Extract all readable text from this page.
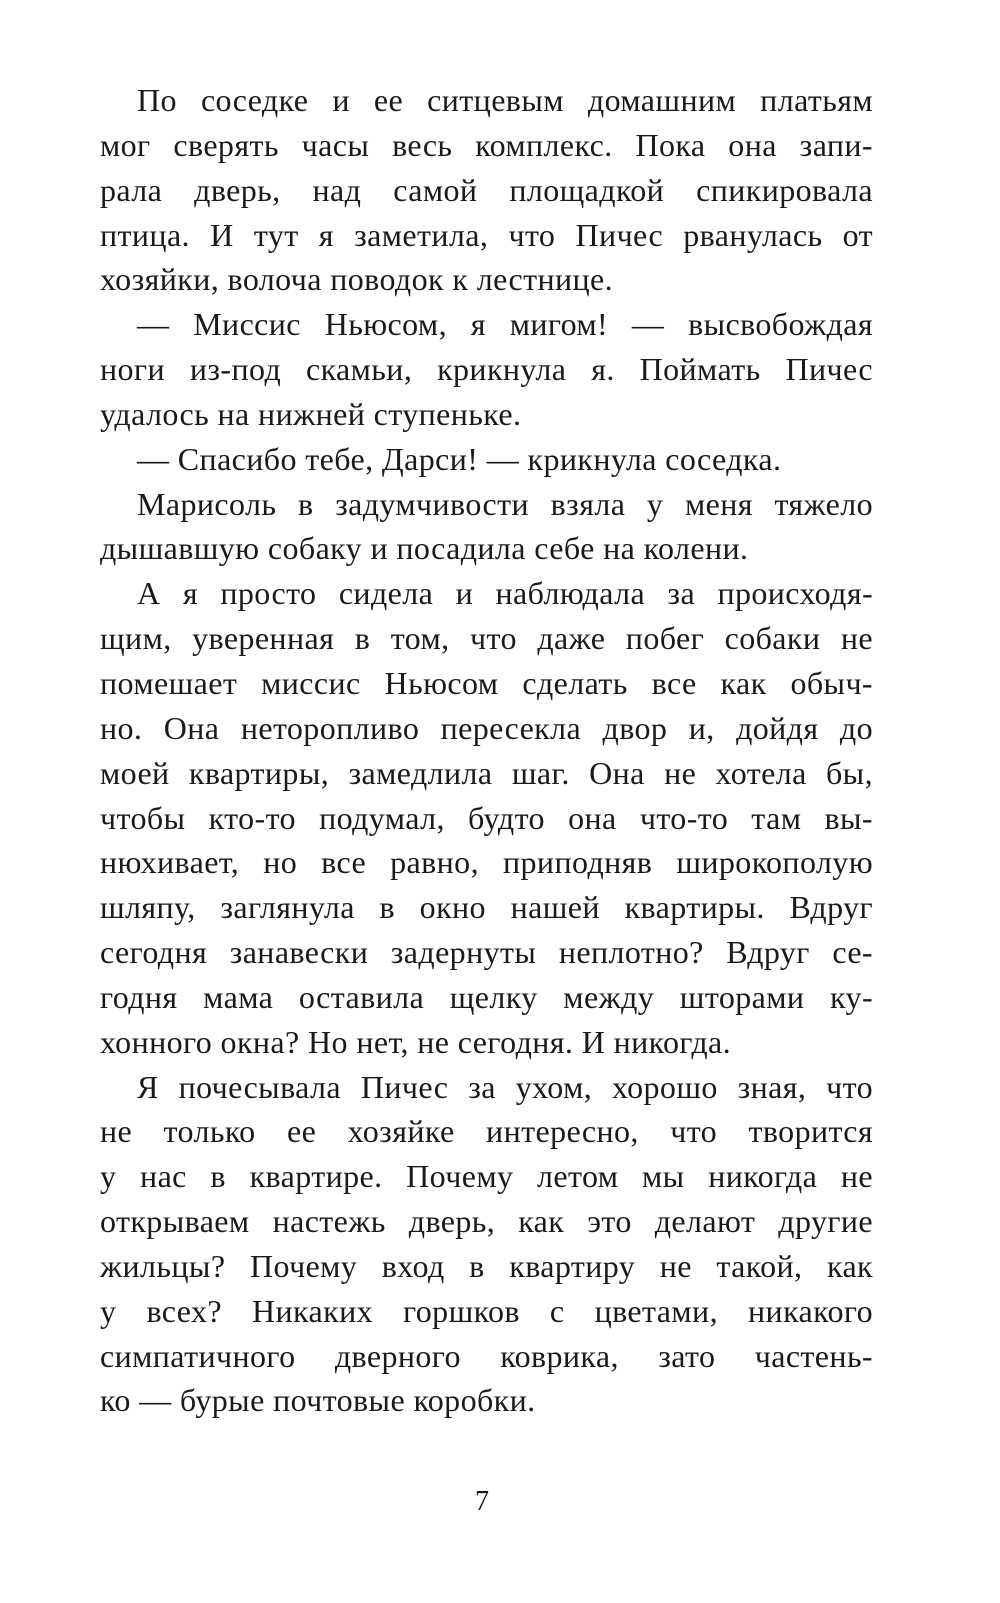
По соседке и ее ситцевым домашним платьям
мог сверять часы весь комплекс. Пока она запи-
рала дверь, над самой площадкой спикировала
птица. И тут я заметила, что Пичес рванулась от
хозяйки, волоча поводок к лестнице.
— Миссис Ньюсом, я мигом! — высвобождая
ноги из-под скамьи, крикнула я. Поймать Пичес
удалось на нижней ступеньке.
— Спасибо тебе, Дарси! — крикнула соседка.
Марисоль в задумчивости взяла у меня тяжело
дышавшую собаку и посадила себе на колени.
А я просто сидела и наблюдала за происходя-
щим, уверенная в том, что даже побег собаки не
помешает миссис Ньюсом сделать все как обыч-
но. Она неторопливо пересекла двор и, дойдя до
моей квартиры, замедлила шаг. Она не хотела бы,
чтобы кто-то подумал, будто она что-то там вы-
нюхивает, но все равно, приподняв широкополую
шляпу, заглянула в окно нашей квартиры. Вдруг
сегодня занавески задернуты неплотно? Вдруг се-
годня мама оставила щелку между шторами ку-
хонного окна? Но нет, не сегодня. И никогда.
Я почесывала Пичес за ухом, хорошо зная, что
не только ее хозяйке интересно, что творится
у нас в квартире. Почему летом мы никогда не
открываем настежь дверь, как это делают другие
жильцы? Почему вход в квартиру не такой, как
у всех? Никаких горшков с цветами, никакого
симпатичного дверного коврика, зато частень-
ко — бурые почтовые коробки.
7
